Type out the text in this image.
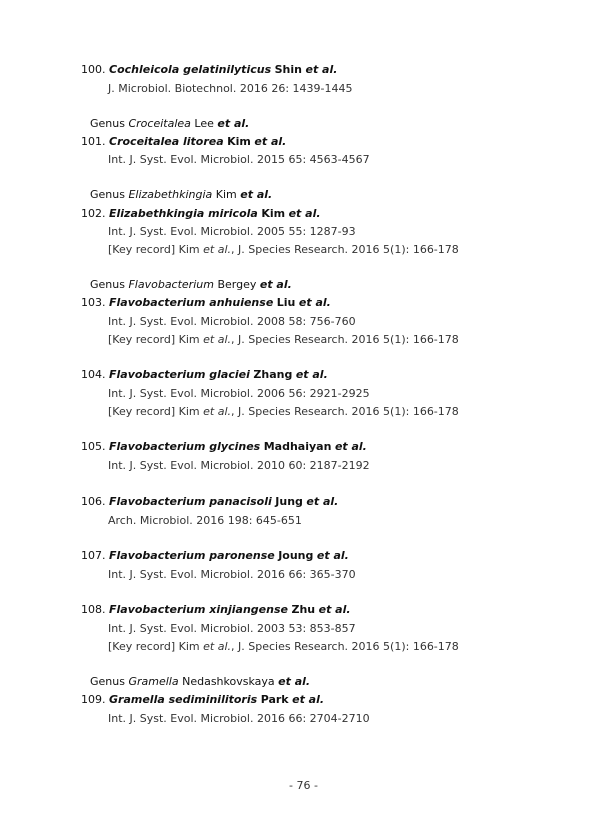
100. Cochleicola gelatinilyticus Shin et al.
J. Microbiol. Biotechnol. 2016 26: 1439-1445
Genus Croceitalea Lee et al.
101. Croceitalea litorea Kim et al.
Int. J. Syst. Evol. Microbiol. 2015 65: 4563-4567
Genus Elizabethkingia Kim et al.
102. Elizabethkingia miricola Kim et al.
Int. J. Syst. Evol. Microbiol. 2005 55: 1287-93
[Key record] Kim et al., J. Species Research. 2016 5(1): 166-178
Genus Flavobacterium Bergey et al.
103. Flavobacterium anhuiense Liu et al.
Int. J. Syst. Evol. Microbiol. 2008 58: 756-760
[Key record] Kim et al., J. Species Research. 2016 5(1): 166-178
104. Flavobacterium glaciei Zhang et al.
Int. J. Syst. Evol. Microbiol. 2006 56: 2921-2925
[Key record] Kim et al., J. Species Research. 2016 5(1): 166-178
105. Flavobacterium glycines Madhaiyan et al.
Int. J. Syst. Evol. Microbiol. 2010 60: 2187-2192
106. Flavobacterium panacisoli Jung et al.
Arch. Microbiol. 2016 198: 645-651
107. Flavobacterium paronense Joung et al.
Int. J. Syst. Evol. Microbiol. 2016 66: 365-370
108. Flavobacterium xinjiangense Zhu et al.
Int. J. Syst. Evol. Microbiol. 2003 53: 853-857
[Key record] Kim et al., J. Species Research. 2016 5(1): 166-178
Genus Gramella Nedashkovskaya et al.
109. Gramella sediminilitoris Park et al.
Int. J. Syst. Evol. Microbiol. 2016 66: 2704-2710
- 76 -
